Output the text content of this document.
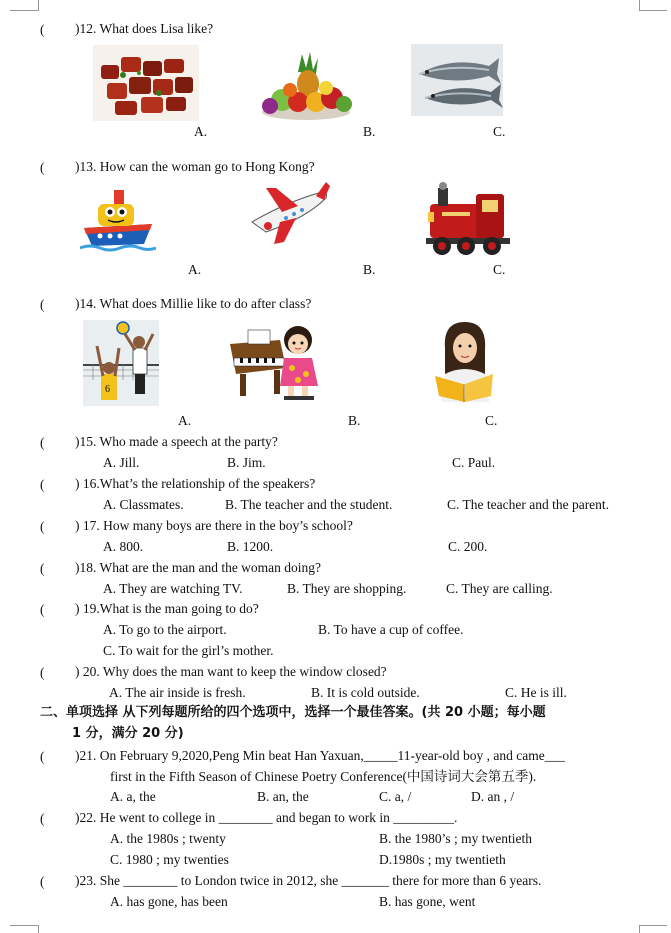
( )12. What does Lisa like?
A.	B.	C.
( )13. How can the woman go to Hong Kong?
A.	B.	C.
( )14. What does Millie like to do after class?
6
A.	B.	C.
( )15. Who made a speech at the party?
A. Jill.	B. Jim.	C. Paul.
( ) 16.What’s the relationship of the speakers?
A. Classmates.	B. The teacher and the student.	C. The teacher and the parent.
( ) 17. How many boys are there in the boy’s school?
A. 800.	B. 1200.	C. 200.
( )18. What are the man and the woman doing?
A. They are watching TV.	B. They are shopping.	C. They are calling.
( ) 19.What is the man going to do?
A. To go to the airport.	B. To have a cup of coffee.
C. To wait for the girl’s mother.
( ) 20. Why does the man want to keep the window closed?
A. The air inside is fresh.	B. It is cold outside.	C. He is ill.
二、单项选择 从下列每题所给的四个选项中，选择一个最佳答案。(共 20 小题；每小题
1 分，满分 20 分)
( )21. On February 9,2020,Peng Min beat Han Yaxuan,_____11-year-old boy , and came___
first in the Fifth Season of Chinese Poetry Conference(中国诗词大会第五季).
A. a, the	B. an, the	C. a, /	D. an , /
( )22. He went to college in ________ and began to work in _________.
A. the 1980s ; twenty	B. the 1980’s ; my twentieth
C. 1980 ; my twenties	D.1980s ; my twentieth
( )23. She ________ to London twice in 2012, she _______ there for more than 6 years.
A. has gone, has been	B. has gone, went
